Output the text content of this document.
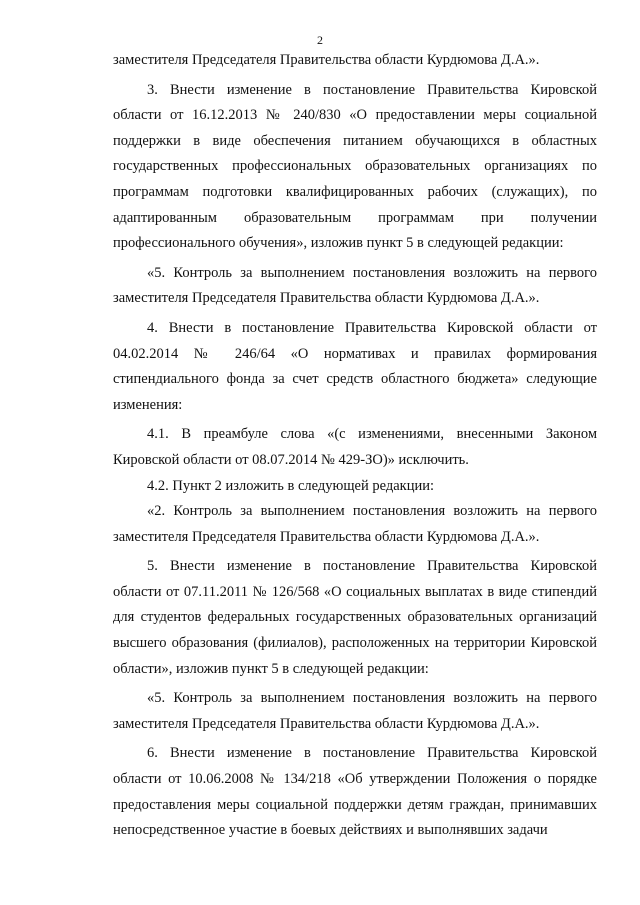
2

заместителя Председателя Правительства области Курдюмова Д.А.».

3. Внести изменение в постановление Правительства Кировской области от 16.12.2013 № 240/830 «О предоставлении меры социальной поддержки в виде обеспечения питанием обучающихся в областных государственных профессиональных образовательных организациях по программам подготовки квалифицированных рабочих (служащих), по адаптированным образовательным программам при получении профессионального обучения», изложив пункт 5 в следующей редакции:

«5. Контроль за выполнением постановления возложить на первого заместителя Председателя Правительства области Курдюмова Д.А.».

4. Внести в постановление Правительства Кировской области от 04.02.2014 № 246/64 «О нормативах и правилах формирования стипендиального фонда за счет средств областного бюджета» следующие изменения:

4.1. В преамбуле слова «(с изменениями, внесенными Законом Кировской области от 08.07.2014 № 429-ЗО)» исключить.

4.2. Пункт 2 изложить в следующей редакции:

«2. Контроль за выполнением постановления возложить на первого заместителя Председателя Правительства области Курдюмова Д.А.».

5. Внести изменение в постановление Правительства Кировской области от 07.11.2011 № 126/568 «О социальных выплатах в виде стипендий для студентов федеральных государственных образовательных организаций высшего образования (филиалов), расположенных на территории Кировской области», изложив пункт 5 в следующей редакции:

«5. Контроль за выполнением постановления возложить на первого заместителя Председателя Правительства области Курдюмова Д.А.».

6. Внести изменение в постановление Правительства Кировской области от 10.06.2008 № 134/218 «Об утверждении Положения о порядке предоставления меры социальной поддержки детям граждан, принимавших непосредственное участие в боевых действиях и выполнявших задачи
